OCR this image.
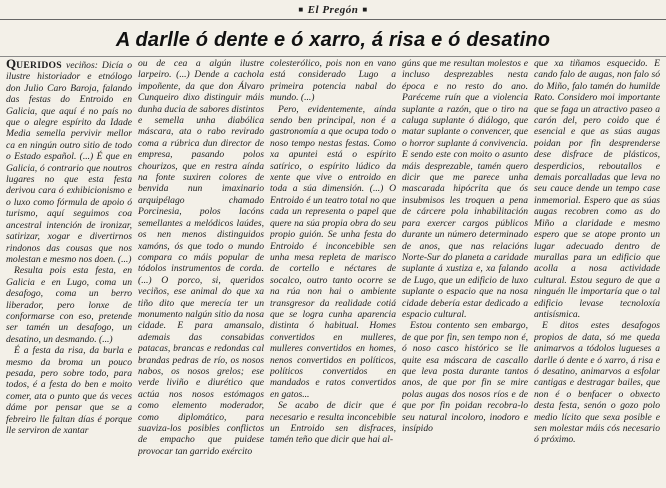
■ El Pregón ■
A darlle ó dente e ó xarro, á risa e ó desatino

QUERIDOS veciños: Dicía o ilustre historiador e etnólogo don Julio Caro Baroja, falando das festas do Entroido en Galicia, que aquí é no país no que o alegre espírito da Idade Media semella pervivir mellor ca en ningún outro sitio de todo o Estado español. (...) É que en Galicia, ó contrario que noutros lugares no que esta festa derivou cara ó exhibicionismo e o luxo como fórmula de apoio ó turismo, aquí seguimos coa ancestral intención de ironizar, satirizar, xogar e divertirnos rindonos das cousas que nos molestan e mesmo nos doen. (...)

Resulta pois esta festa, en Galicia e en Lugo, coma un desafogo, coma un berro liberador, pero lonxe de conformarse con eso, pretende ser tamén un desafogo, un desatino, un desmando. (...)

É a festa da risa, da burla e mesmo da broma un pouco pesada, pero sobre todo, para todos, é a festa do ben e moito comer, ata o punto que ás veces dáme por pensar que se a febreiro lle faltan días é porque lle serviron de xantar

ou de cea a algún ilustre larpeiro. (...) Dende a cachola impoñente, da que don Álvaro Cunqueiro dixo distinguir máis dunha ducia de sabores distintos e semella unha diabólica máscara, ata o rabo revirado coma a rúbrica dun director de empresa, pasando polos chourizos, que en restra aínda na fonte suxiren colores de benvida nun imaxinario arquipélago chamado Porcinesia, polos lacóns semellantes a melódicos laúdes, os nen menos distinguidos xamóns, ós que todo o mundo compara co máis popular de tódolos instrumentos de corda. (...) O porco, si, queridos veciños, ese animal do que xa tiño dito que merecía ter un monumento nalgún sitio da nosa cidade. E para amansalo, ademais das consabidas patacas, brancas e redondas cal brandas pedras de río, os nosos nabos, os nosos grelos; ese verde liviño e diurético que actúa nos nosos estómagos como elemento moderador, como diplomático, para suaviza-los posibles conflictos de empacho que puidese provocar tan garrido exército

colesterólico, pois non en vano está considerado Lugo a primeira potencia nabal do mundo. (...)

Pero, evidentemente, aínda sendo ben principal, non é a gastronomía a que ocupa todo o noso tempo nestas festas. Como xa apuntei está o espírito satírico, o espírito lúdico da xente que vive o entroido en toda a súa dimensión. (...) O Entroido é un teatro total no que cada un representa o papel que quere na súa propia obra do seu propio guión. Se unha festa do Entroido é inconcebible sen unha mesa repleta de marisco de cortello e néctares de socalco, outro tanto ocorre se na rúa non hai o ambiente transgresor da realidade cotiá que se logra cunha aparencia distinta ó habitual. Homes convertidos en mulleres, mulleres convertidos en homes, nenos convertidos en políticos, políticos convertidos en mandados e ratos convertidos en gatos...

Se acabo de dicir que é necesario e resulta inconcebible un Entroido sen disfraces, tamén teño que dicir que hai al-

gúns que me resultan molestos e incluso desprezables nesta época e no resto do ano. Paréceme ruín que a violencia suplante a razón, que o tiro na caluga suplante ó diálogo, que matar suplante o convencer, que o horror suplante á convivencia. E sendo este con moito o asunto máis desprezable, tamén quero dicir que me parece unha mascarada hipócrita que ós insubmisos les troquen a pena de cárcere pola inhabilitación para exercer cargos públicos durante un número determinado de anos, que nas relacións Norte-Sur do planeta a caridade suplante á xustiza e, xa falando de Lugo, que un edificio de luxo suplante o espacio que na nosa cidade debería estar dedicado a espacio cultural.

Estou contento sen embargo, de que por fin, sen tempo non é, ó noso casco histórico se lle quite esa máscara de cascallo que leva posta durante tantos anos, de que por fin se mire polas augas dos nosos ríos e de que por fin poidan recobra-lo seu natural incoloro, inodoro e insípido

que xa tiñamos esquecido. E cando falo de augas, non falo só do Miño, falo tamén do humilde Rato. Considero moi importante que se faga un atractivo paseo a carón del, pero coido que é esencial e que as súas augas poidan por fin desprenderse dese disfrace de plásticos, desperdicios, reboutallos e demais porcalladas que leva no seu cauce dende un tempo case inmemorial. Espero que as súas augas recobren como as do Miño a claridade e mesmo espero que se atope pronto un lugar adecuado dentro de murallas para un edificio que acolla a nosa actividade cultural. Estou seguro de que a ninguén lle importaría que o tal edificio levase tecnoloxía antisísmica.

E ditos estes desafogos propios de data, só me queda animarvos a tódolos lugueses a darlle ó dente e ó xarro, á risa e ó desatino, animarvos a esfolar cantigas e destragar bailes, que non é o benfacer o obxecto desta festa, senón o gozo polo medio lícito que sexa posible e sen molestar máis cós necesario ó próximo.
